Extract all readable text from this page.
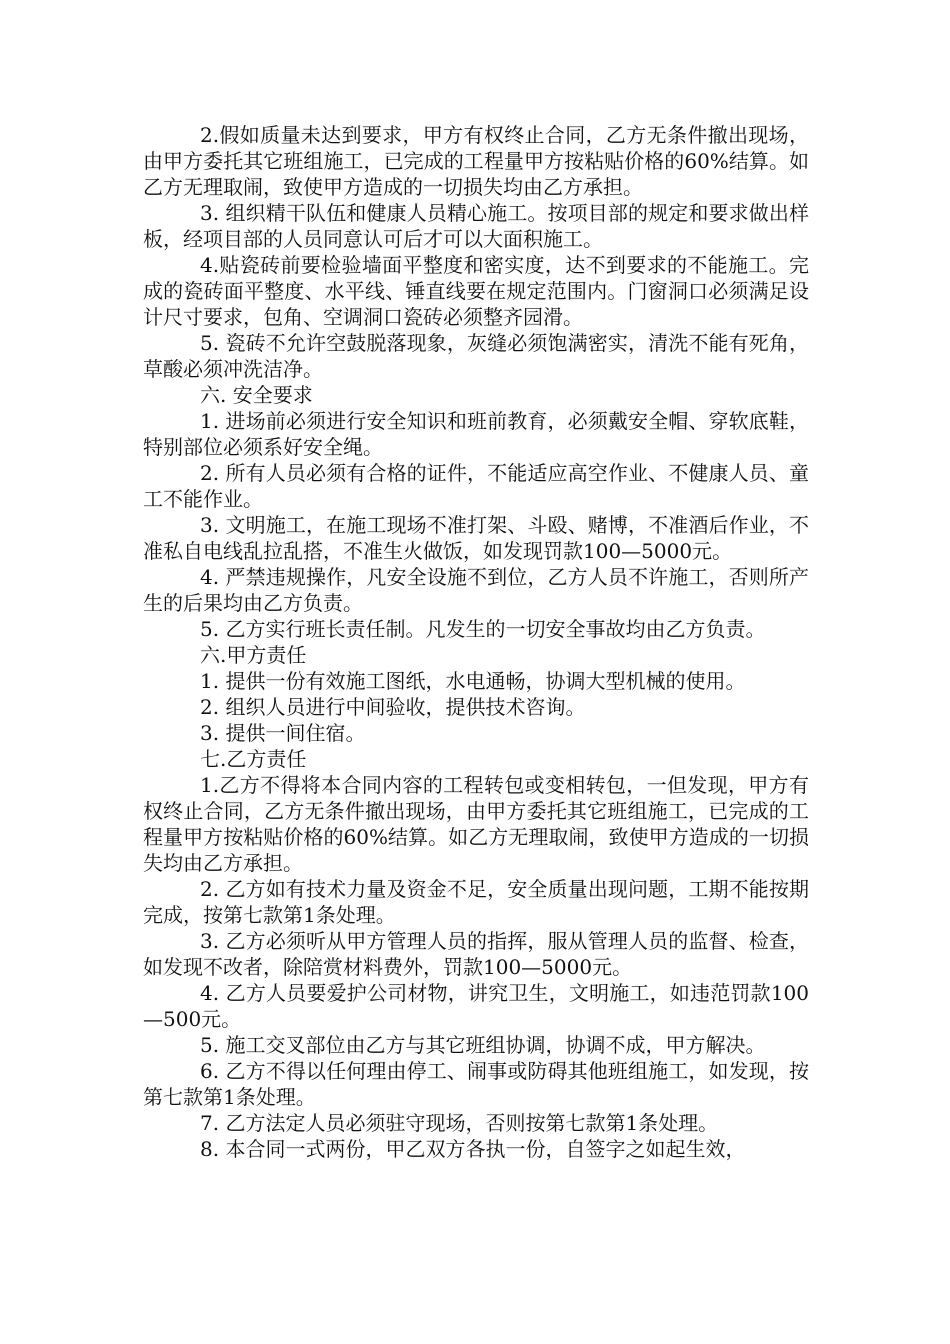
2.假如质量未达到要求，甲方有权终止合同，乙方无条件撤出现场，由甲方委托其它班组施工，已完成的工程量甲方按粘贴价格的60%结算。如乙方无理取闹，致使甲方造成的一切损失均由乙方承担。

3. 组织精干队伍和健康人员精心施工。按项目部的规定和要求做出样板，经项目部的人员同意认可后才可以大面积施工。

4.贴瓷砖前要检验墙面平整度和密实度，达不到要求的不能施工。完成的瓷砖面平整度、水平线、锤直线要在规定范围内。门窗洞口必须满足设计尺寸要求，包角、空调洞口瓷砖必须整齐园滑。

5. 瓷砖不允许空鼓脱落现象，灰缝必须饱满密实，清洗不能有死角，草酸必须冲洗洁净。

六. 安全要求

1. 进场前必须进行安全知识和班前教育，必须戴安全帽、穿软底鞋，特别部位必须系好安全绳。

2. 所有人员必须有合格的证件，不能适应高空作业、不健康人员、童工不能作业。

3. 文明施工，在施工现场不准打架、斗殴、赌博，不准酒后作业，不准私自电线乱拉乱搭，不准生火做饭，如发现罚款100—5000元。

4. 严禁违规操作，凡安全设施不到位，乙方人员不许施工，否则所产生的后果均由乙方负责。

5. 乙方实行班长责任制。凡发生的一切安全事故均由乙方负责。

六.甲方责任

1. 提供一份有效施工图纸，水电通畅，协调大型机械的使用。

2. 组织人员进行中间验收，提供技术咨询。

3. 提供一间住宿。

七.乙方责任

1.乙方不得将本合同内容的工程转包或变相转包，一但发现，甲方有权终止合同，乙方无条件撤出现场，由甲方委托其它班组施工，已完成的工程量甲方按粘贴价格的60%结算。如乙方无理取闹，致使甲方造成的一切损失均由乙方承担。

2. 乙方如有技术力量及资金不足，安全质量出现问题，工期不能按期完成，按第七款第1条处理。

3. 乙方必须听从甲方管理人员的指挥，服从管理人员的监督、检查，如发现不改者，除陪赏材料费外，罚款100—5000元。

4. 乙方人员要爱护公司材物，讲究卫生，文明施工，如违范罚款100—500元。

5. 施工交叉部位由乙方与其它班组协调，协调不成，甲方解决。

6. 乙方不得以任何理由停工、闹事或防碍其他班组施工，如发现，按第七款第1条处理。

7. 乙方法定人员必须驻守现场，否则按第七款第1条处理。

8. 本合同一式两份，甲乙双方各执一份，自签字之如起生效，
